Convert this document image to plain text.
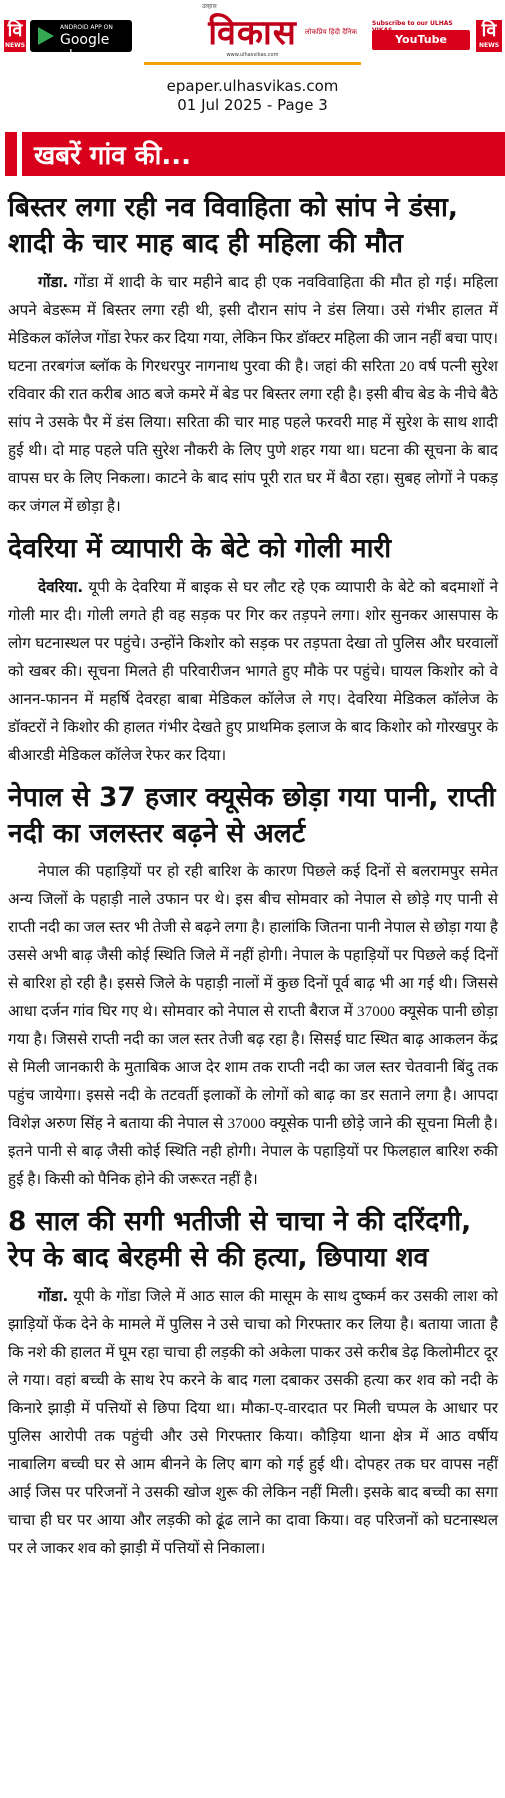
वि
NEWS
ANDROID APP ON
Google play
उल्हास
विकास	लोकप्रिय हिंदी दैनिक
www.ulhasvikas.com
Subscribe to our ULHAS
YouTube Channel
वि
NEWS
epaper.ulhasvikas.com
01 Jul 2025 - Page 3
खबरें गांव की...
बिस्तर लगा रही नव विवाहिता को सांप ने डंसा, शादी के चार माह बाद ही महिला की मौत

गोंडा. गोंडा में शादी के चार महीने बाद ही एक नवविवाहिता की मौत हो गई। महिला अपने बेडरूम में बिस्तर लगा रही थी, इसी दौरान सांप ने डंस लिया। उसे गंभीर हालत में मेडिकल कॉलेज गोंडा रेफर कर दिया गया, लेकिन फिर डॉक्टर महिला की जान नहीं बचा पाए। घटना तरबगंज ब्लॉक के गिरधरपुर नागनाथ पुरवा की है। जहां की सरिता 20 वर्ष पत्नी सुरेश रविवार की रात करीब आठ बजे कमरे में बेड पर बिस्तर लगा रही है। इसी बीच बेड के नीचे बैठे सांप ने उसके पैर में डंस लिया। सरिता की चार माह पहले फरवरी माह में सुरेश के साथ शादी हुई थी। दो माह पहले पति सुरेश नौकरी के लिए पुणे शहर गया था। घटना की सूचना के बाद वापस घर के लिए निकला। काटने के बाद सांप पूरी रात घर में बैठा रहा। सुबह लोगों ने पकड़ कर जंगल में छोड़ा है।

देवरिया में व्यापारी के बेटे को गोली मारी

देवरिया. यूपी के देवरिया में बाइक से घर लौट रहे एक व्यापारी के बेटे को बदमाशों ने गोली मार दी। गोली लगते ही वह सड़क पर गिर कर तड़पने लगा। शोर सुनकर आसपास के लोग घटनास्थल पर पहुंचे। उन्होंने किशोर को सड़क पर तड़पता देखा तो पुलिस और घरवालों को खबर की। सूचना मिलते ही परिवारीजन भागते हुए मौके पर पहुंचे। घायल किशोर को वे आनन-फानन में महर्षि देवरहा बाबा मेडिकल कॉलेज ले गए। देवरिया मेडिकल कॉलेज के डॉक्टरों ने किशोर की हालत गंभीर देखते हुए प्राथमिक इलाज के बाद किशोर को गोरखपुर के बीआरडी मेडिकल कॉलेज रेफर कर दिया।

नेपाल से 37 हजार क्यूसेक छोड़ा गया पानी, राप्ती नदी का जलस्तर बढ़ने से अलर्ट

नेपाल की पहाड़ियों पर हो रही बारिश के कारण पिछले कई दिनों से बलरामपुर समेत अन्य जिलों के पहाड़ी नाले उफान पर थे। इस बीच सोमवार को नेपाल से छोड़े गए पानी से राप्ती नदी का जल स्तर भी तेजी से बढ़ने लगा है। हालांकि जितना पानी नेपाल से छोड़ा गया है उससे अभी बाढ़ जैसी कोई स्थिति जिले में नहीं होगी। नेपाल के पहाड़ियों पर पिछले कई दिनों से बारिश हो रही है। इससे जिले के पहाड़ी नालों में कुछ दिनों पूर्व बाढ़ भी आ गई थी। जिससे आधा दर्जन गांव घिर गए थे। सोमवार को नेपाल से राप्ती बैराज में 37000 क्यूसेक पानी छोड़ा गया है। जिससे राप्ती नदी का जल स्तर तेजी बढ़ रहा है। सिसई घाट स्थित बाढ़ आकलन केंद्र से मिली जानकारी के मुताबिक आज देर शाम तक राप्ती नदी का जल स्तर चेतवानी बिंदु तक पहुंच जायेगा। इससे नदी के तटवर्ती इलाकों के लोगों को बाढ़ का डर सताने लगा है। आपदा विशेज्ञ अरुण सिंह ने बताया की नेपाल से 37000 क्यूसेक पानी छोड़े जाने की सूचना मिली है। इतने पानी से बाढ़ जैसी कोई स्थिति नही होगी। नेपाल के पहाड़ियों पर फिलहाल बारिश रुकी हुई है। किसी को पैनिक होने की जरूरत नहीं है।

8 साल की सगी भतीजी से चाचा ने की दरिंदगी, रेप के बाद बेरहमी से की हत्या, छिपाया शव

गोंडा. यूपी के गोंडा जिले में आठ साल की मासूम के साथ दुष्कर्म कर उसकी लाश को झाड़ियों फेंक देने के मामले में पुलिस ने उसे चाचा को गिरफ्तार कर लिया है। बताया जाता है कि नशे की हालत में घूम रहा चाचा ही लड़की को अकेला पाकर उसे करीब डेढ़ किलोमीटर दूर ले गया। वहां बच्ची के साथ रेप करने के बाद गला दबाकर उसकी हत्या कर शव को नदी के किनारे झाड़ी में पत्तियों से छिपा दिया था। मौका-ए-वारदात पर मिली चप्पल के आधार पर पुलिस आरोपी तक पहुंची और उसे गिरफ्तार किया। कौड़िया थाना क्षेत्र में आठ वर्षीय नाबालिग बच्ची घर से आम बीनने के लिए बाग को गई हुई थी। दोपहर तक घर वापस नहीं आई जिस पर परिजनों ने उसकी खोज शुरू की लेकिन नहीं मिली। इसके बाद बच्ची का सगा चाचा ही घर पर आया और लड़की को ढूंढ लाने का दावा किया। वह परिजनों को घटनास्थल पर ले जाकर शव को झाड़ी में पत्तियों से निकाला।
